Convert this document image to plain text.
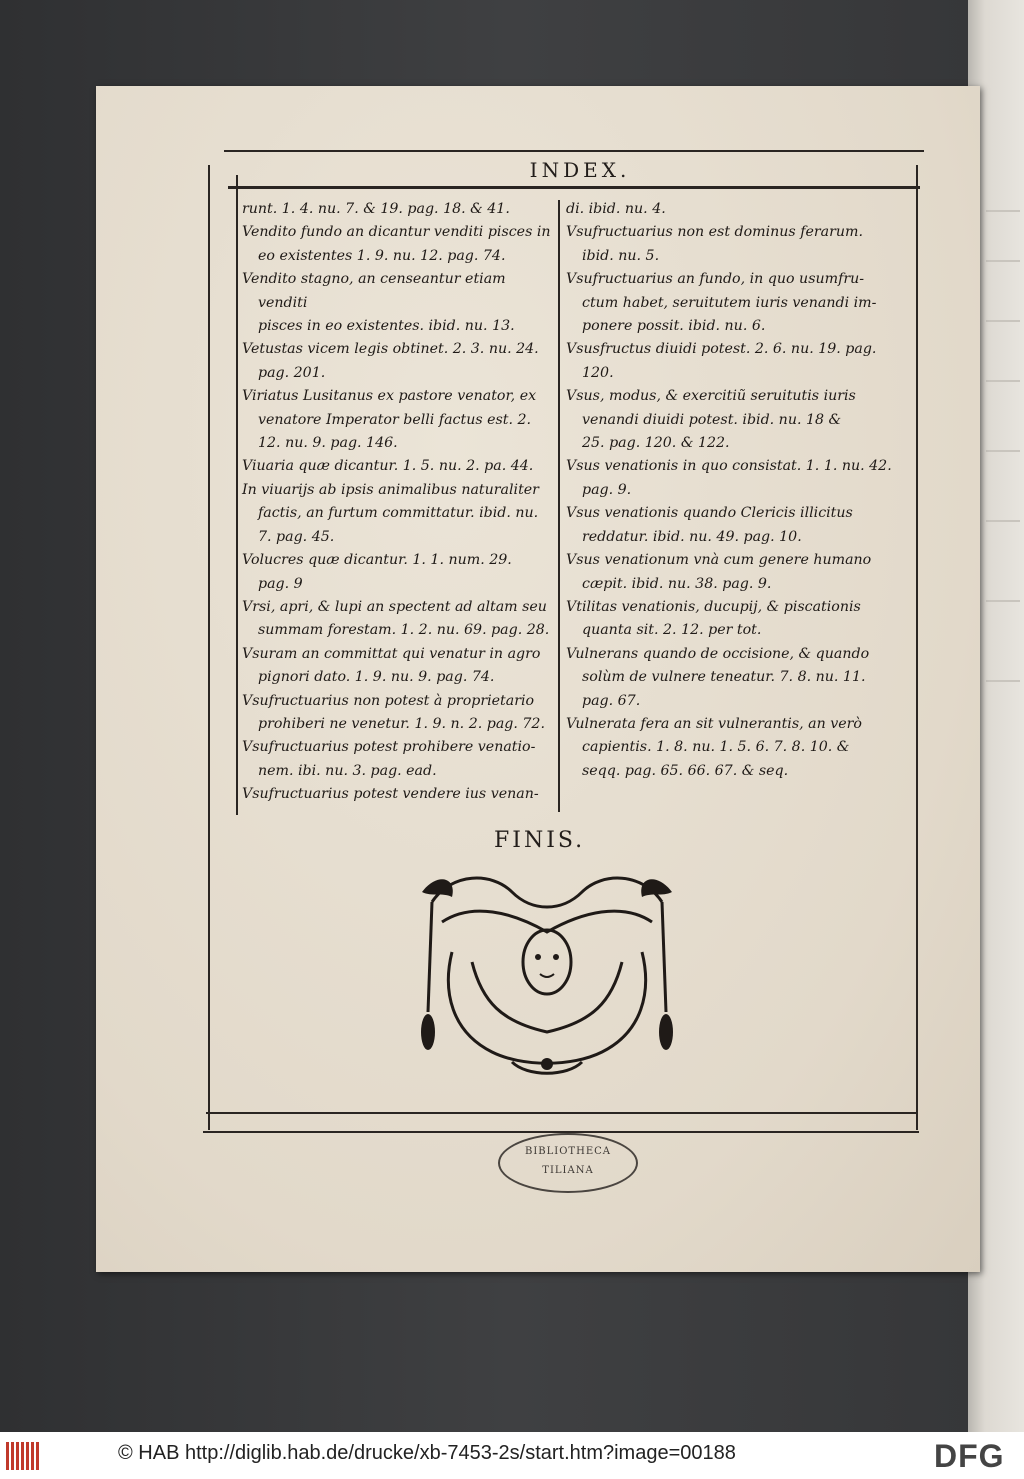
INDEX.

runt. 1. 4. nu. 7. & 19. pag. 18. & 41.

Vendito fundo an dicantur venditi pisces in

eo existentes 1. 9. nu. 12. pag. 74.

Vendito stagno, an censeantur etiam venditi

pisces in eo existentes. ibid. nu. 13.

Vetustas vicem legis obtinet. 2. 3. nu. 24.

pag. 201.

Viriatus Lusitanus ex pastore venator, ex

venatore Imperator belli factus est. 2.

12. nu. 9. pag. 146.

Viuaria quæ dicantur. 1. 5. nu. 2. pa. 44.

In viuarijs ab ipsis animalibus naturaliter

factis, an furtum committatur. ibid. nu.

7. pag. 45.

Volucres quæ dicantur. 1. 1. num. 29.

pag. 9

Vrsi, apri, & lupi an spectent ad altam seu

summam forestam. 1. 2. nu. 69. pag. 28.

Vsuram an committat qui venatur in agro

pignori dato. 1. 9. nu. 9. pag. 74.

Vsufructuarius non potest à proprietario

prohiberi ne venetur. 1. 9. n. 2. pag. 72.

Vsufructuarius potest prohibere venatio-

nem. ibi. nu. 3. pag. ead.

Vsufructuarius potest vendere ius venan-

di. ibid. nu. 4.

Vsufructuarius non est dominus ferarum.

ibid. nu. 5.

Vsufructuarius an fundo, in quo usumfru-

ctum habet, seruitutem iuris venandi im-

ponere possit. ibid. nu. 6.

Vsusfructus diuidi potest. 2. 6. nu. 19. pag.

120.

Vsus, modus, & exercitiũ seruitutis iuris

venandi diuidi potest. ibid. nu. 18 &

25. pag. 120. & 122.

Vsus venationis in quo consistat. 1. 1. nu. 42.

pag. 9.

Vsus venationis quando Clericis illicitus

reddatur. ibid. nu. 49. pag. 10.

Vsus venationum vnà cum genere humano

cæpit. ibid. nu. 38. pag. 9.

Vtilitas venationis, ducupij, & piscationis

quanta sit. 2. 12. per tot.

Vulnerans quando de occisione, & quando

solùm de vulnere teneatur. 7. 8. nu. 11.

pag. 67.

Vulnerata fera an sit vulnerantis, an verò

capientis. 1. 8. nu. 1. 5. 6. 7. 8. 10. &

seqq. pag. 65. 66. 67. & seq.

FINIS.
BIBLIOTHECA
TILIANA
© HAB http://diglib.hab.de/drucke/xb-7453-2s/start.htm?image=00188	DFG
